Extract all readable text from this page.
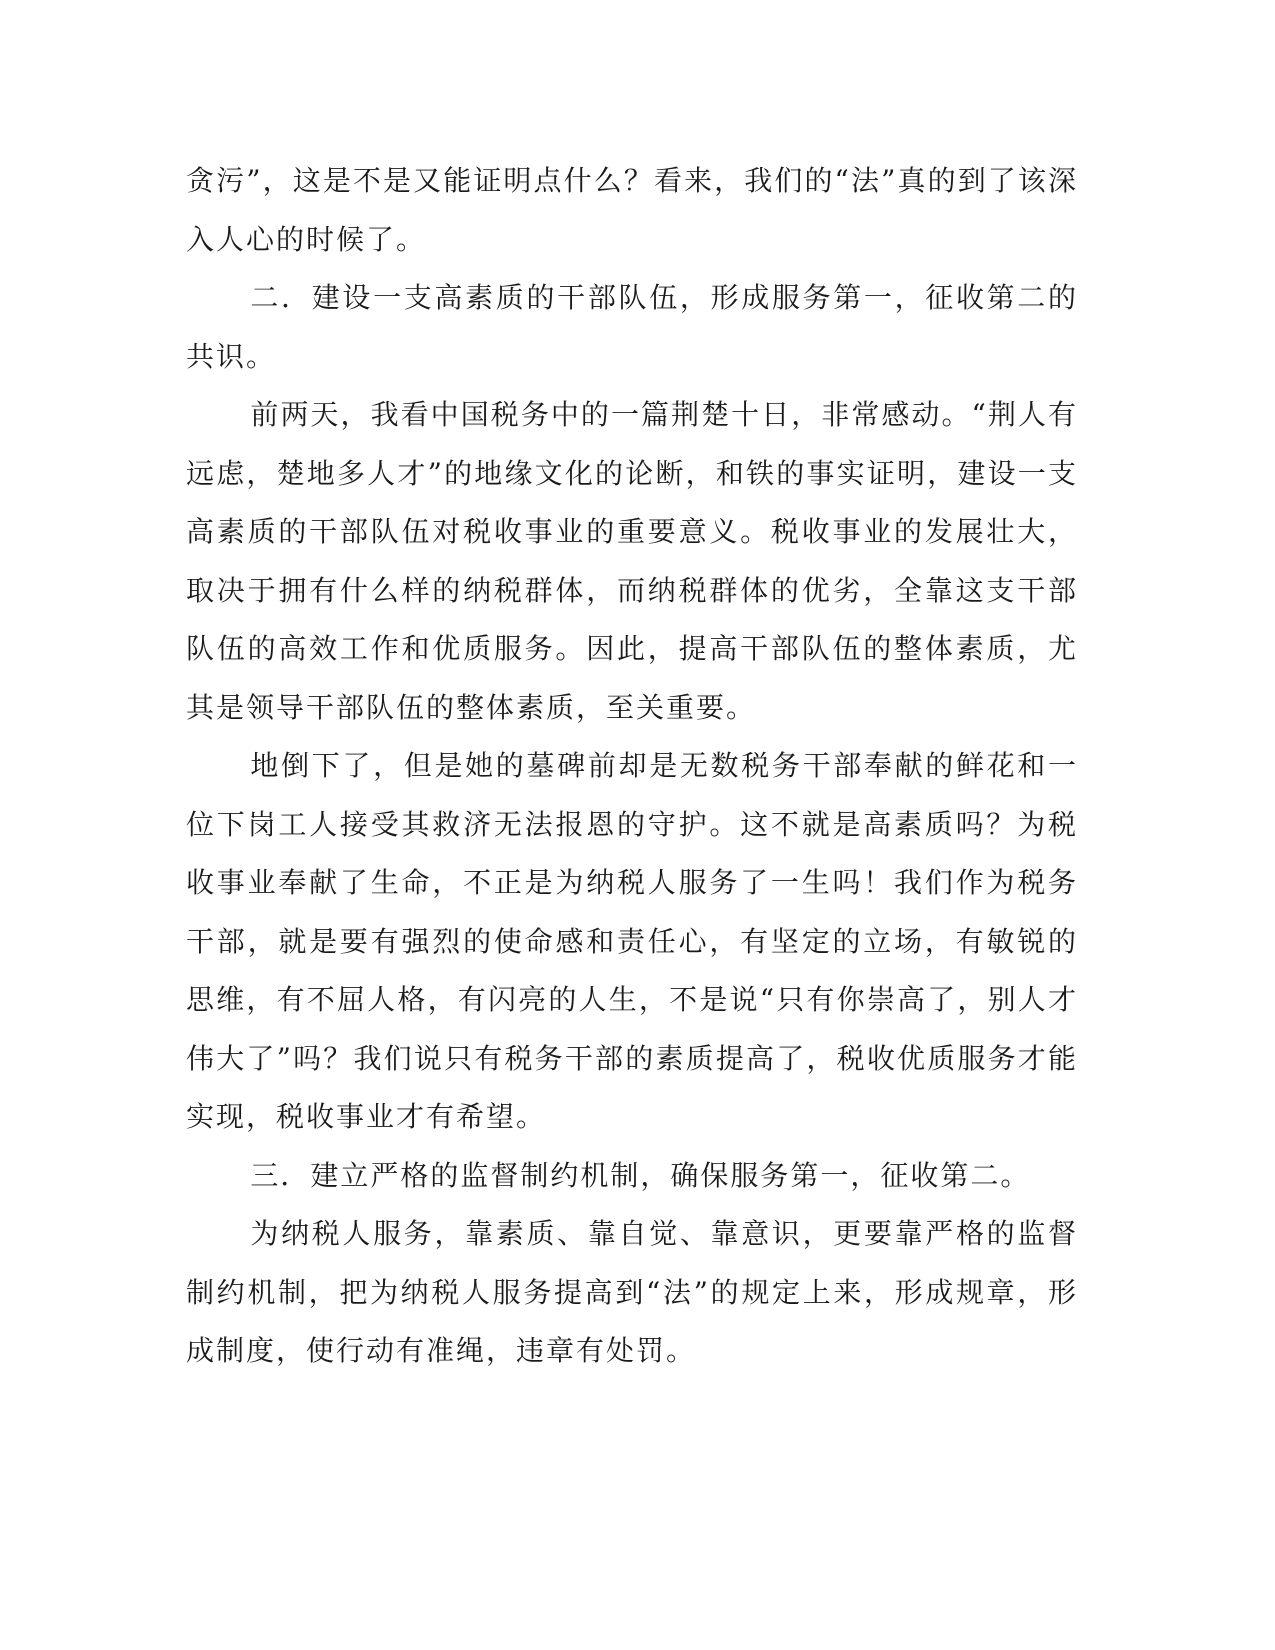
贪污”，这是不是又能证明点什么？看来，我们的“法”真的到了该深入人心的时候了。

二．建设一支高素质的干部队伍，形成服务第一，征收第二的共识。

前两天，我看中国税务中的一篇荆楚十日，非常感动。“荆人有远虑，楚地多人才”的地缘文化的论断，和铁的事实证明，建设一支高素质的干部队伍对税收事业的重要意义。税收事业的发展壮大，取决于拥有什么样的纳税群体，而纳税群体的优劣，全靠这支干部队伍的高效工作和优质服务。因此，提高干部队伍的整体素质，尤其是领导干部队伍的整体素质，至关重要。

地倒下了，但是她的墓碑前却是无数税务干部奉献的鲜花和一位下岗工人接受其救济无法报恩的守护。这不就是高素质吗？为税收事业奉献了生命，不正是为纳税人服务了一生吗！我们作为税务干部，就是要有强烈的使命感和责任心，有坚定的立场，有敏锐的思维，有不屈人格，有闪亮的人生，不是说“只有你崇高了，别人才伟大了”吗？我们说只有税务干部的素质提高了，税收优质服务才能实现，税收事业才有希望。

三．建立严格的监督制约机制，确保服务第一，征收第二。

为纳税人服务，靠素质、靠自觉、靠意识，更要靠严格的监督制约机制，把为纳税人服务提高到“法”的规定上来，形成规章，形成制度，使行动有准绳，违章有处罚。
